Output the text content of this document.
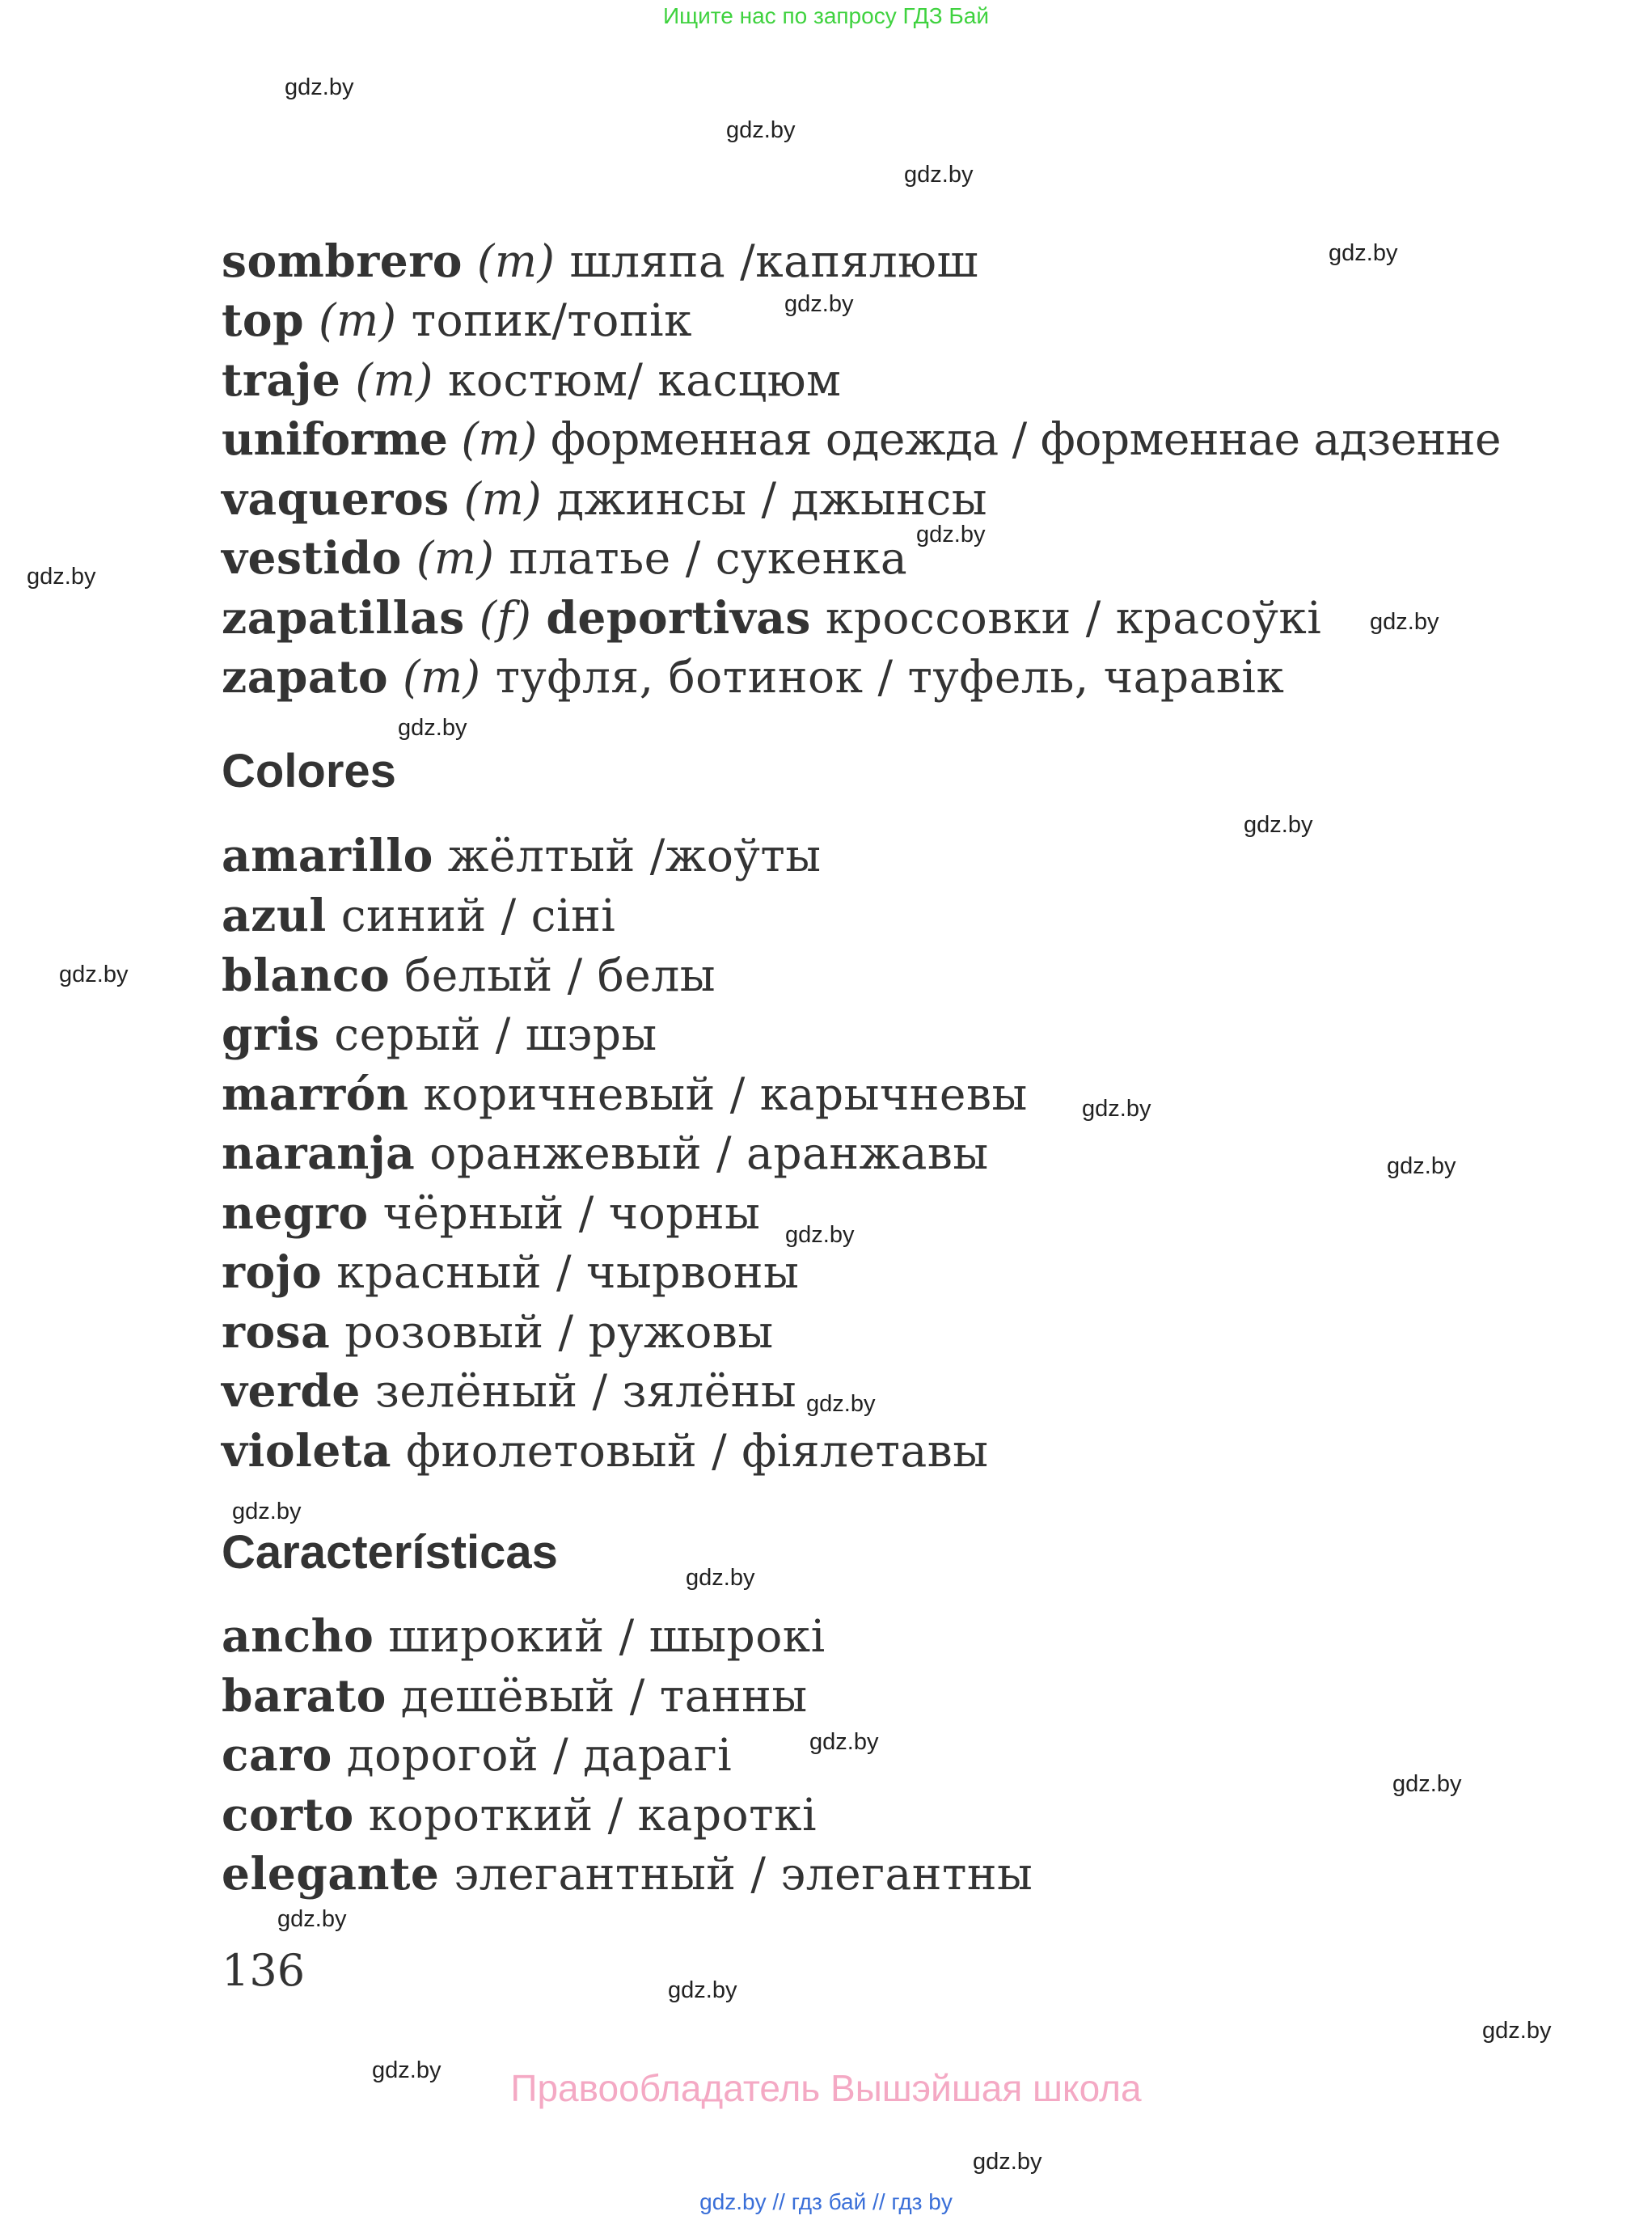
Ищите нас по запросу ГДЗ Бай
gdz.by
gdz.by
gdz.by
gdz.by
gdz.by
gdz.by
gdz.by
gdz.by
gdz.by
gdz.by
gdz.by
gdz.by
gdz.by
gdz.by
gdz.by
gdz.by
gdz.by
gdz.by
gdz.by
gdz.by
gdz.by
gdz.by
gdz.by
gdz.by
sombrero (m) шляпа /капялюш
top (m) топик/топік
traje (m) костюм/ касцюм
uniforme (m) форменная одежда / форменнае адзенне
vaqueros (m) джинсы / джынсы
vestido (m) платье / сукенка
zapatillas (f) deportivas кроссовки / красоўкі
zapato (m) туфля, ботинок / туфель, чаравік
Colores
amarillo жёлтый /жоўты
azul синий / сіні
blanco белый / белы
gris серый / шэры
marrón коричневый / карычневы
naranja оранжевый / аранжавы
negro чёрный / чорны
rojo красный / чырвоны
rosa розовый / ружовы
verde зелёный / зялёны
violeta фиолетовый / фіялетавы
Características
ancho широкий / шырокі
barato дешёвый / танны
caro дорогой / дарагі
corto короткий / кароткі
elegante элегантный / элегантны
136
Правообладатель Вышэйшая школа
gdz.by // гдз бай // гдз by
